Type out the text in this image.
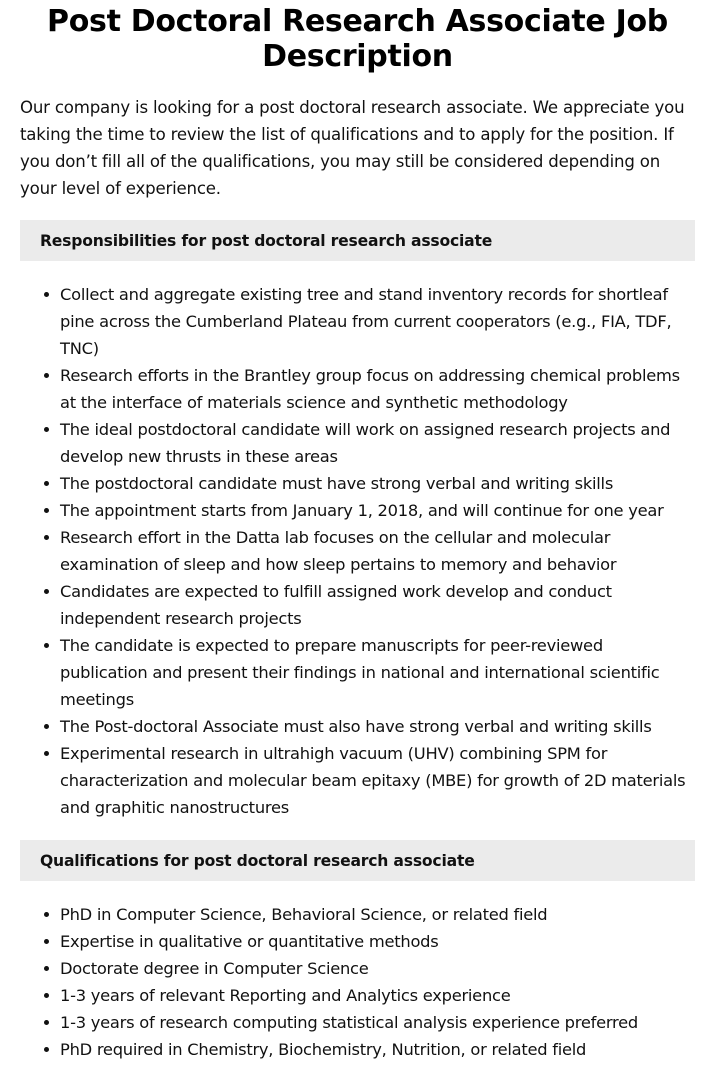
Post Doctoral Research Associate Job Description

Our company is looking for a post doctoral research associate. We appreciate you taking the time to review the list of qualifications and to apply for the position. If you don’t fill all of the qualifications, you may still be considered depending on your level of experience.

Responsibilities for post doctoral research associate
Collect and aggregate existing tree and stand inventory records for shortleaf pine across the Cumberland Plateau from current cooperators (e.g., FIA, TDF, TNC)
Research efforts in the Brantley group focus on addressing chemical problems at the interface of materials science and synthetic methodology
The ideal postdoctoral candidate will work on assigned research projects and develop new thrusts in these areas
The postdoctoral candidate must have strong verbal and writing skills
The appointment starts from January 1, 2018, and will continue for one year
Research effort in the Datta lab focuses on the cellular and molecular examination of sleep and how sleep pertains to memory and behavior
Candidates are expected to fulfill assigned work develop and conduct independent research projects
The candidate is expected to prepare manuscripts for peer-reviewed publication and present their findings in national and international scientific meetings
The Post-doctoral Associate must also have strong verbal and writing skills
Experimental research in ultrahigh vacuum (UHV) combining SPM for characterization and molecular beam epitaxy (MBE) for growth of 2D materials and graphitic nanostructures
Qualifications for post doctoral research associate
PhD in Computer Science, Behavioral Science, or related field
Expertise in qualitative or quantitative methods
Doctorate degree in Computer Science
1-3 years of relevant Reporting and Analytics experience
1-3 years of research computing statistical analysis experience preferred
PhD required in Chemistry, Biochemistry, Nutrition, or related field
